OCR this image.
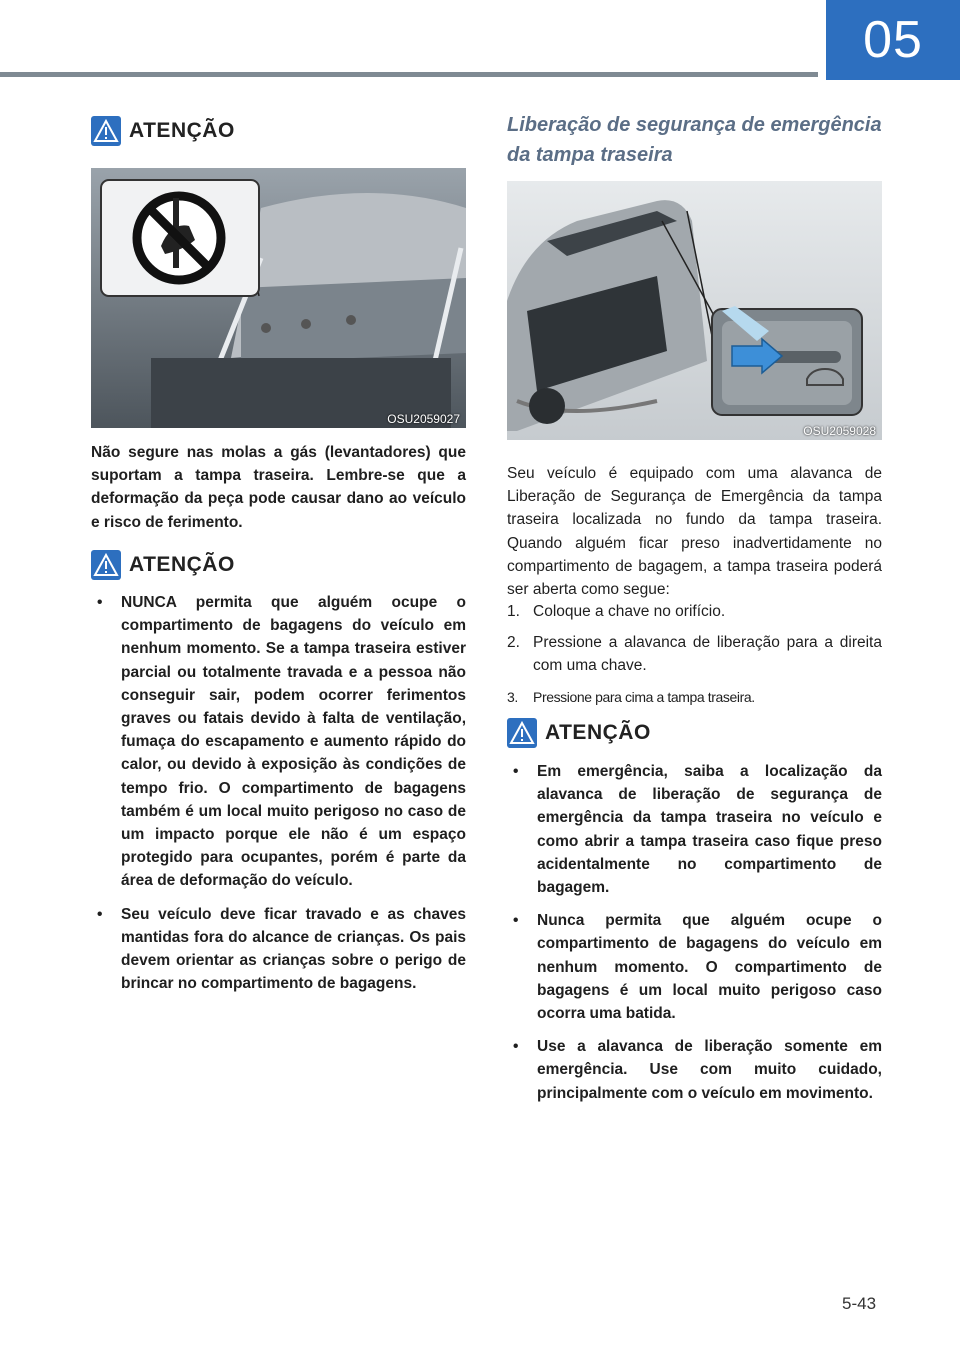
05
ATENÇÃO
OSU2059027

Não segure nas molas a gás (levantadores) que suportam a tampa traseira. Lembre-se que a deformação da peça pode causar dano ao veículo e risco de ferimento.

ATENÇÃO
• NUNCA permita que alguém ocupe o compartimento de bagagens do veículo em nenhum momento. Se a tampa traseira estiver parcial ou totalmente travada e a pessoa não conseguir sair, podem ocorrer ferimentos graves ou fatais devido à falta de ventilação, fumaça do escapamento e aumento rápido do calor, ou devido à exposição às condições de tempo frio. O compartimento de bagagens também é um local muito perigoso no caso de um impacto porque ele não é um espaço protegido para ocupantes, porém é parte da área de deformação do veículo.
• Seu veículo deve ficar travado e as chaves mantidas fora do alcance de crianças. Os pais devem orientar as crianças sobre o perigo de brincar no compartimento de bagagens.
Liberação de segurança de emergência da tampa traseira
OSU2059028

Seu veículo é equipado com uma alavanca de Liberação de Segurança de Emergência da tampa traseira localizada no fundo da tampa traseira. Quando alguém ficar preso inadvertidamente no compartimento de bagagem, a tampa traseira poderá ser aberta como segue:

1. Coloque a chave no orifício.
2. Pressione a alavanca de liberação para a direita com uma chave.
3. Pressione para cima a tampa traseira.
ATENÇÃO
• Em emergência, saiba a localização da alavanca de liberação de segurança de emergência da tampa traseira no veículo e como abrir a tampa traseira caso fique preso acidentalmente no compartimento de bagagem.
• Nunca permita que alguém ocupe o compartimento de bagagens do veículo em nenhum momento. O compartimento de bagagens é um local muito perigoso caso ocorra uma batida.
• Use a alavanca de liberação somente em emergência. Use com muito cuidado, principalmente com o veículo em movimento.
5-43
